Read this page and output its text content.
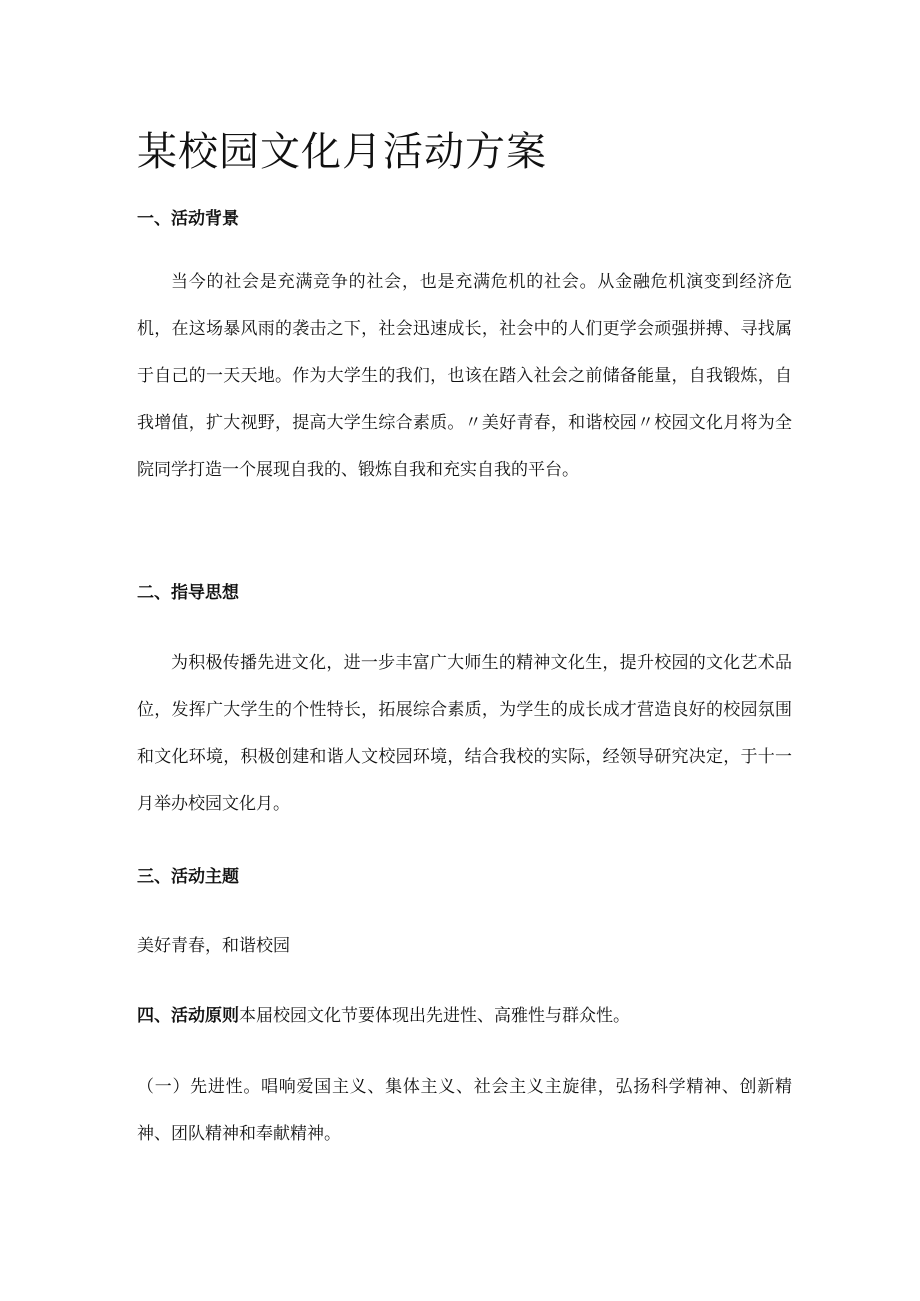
某校园文化月活动方案
一、活动背景

当今的社会是充满竞争的社会，也是充满危机的社会。从金融危机演变到经济危机，在这场暴风雨的袭击之下，社会迅速成长，社会中的人们更学会顽强拼搏、寻找属于自己的一天天地。作为大学生的我们，也该在踏入社会之前储备能量，自我锻炼，自我增值，扩大视野，提高大学生综合素质。〃美好青春，和谐校园〃校园文化月将为全院同学打造一个展现自我的、锻炼自我和充实自我的平台。

二、指导思想

为积极传播先进文化，进一步丰富广大师生的精神文化生，提升校园的文化艺术品位，发挥广大学生的个性特长，拓展综合素质，为学生的成长成才营造良好的校园氛围和文化环境，积极创建和谐人文校园环境，结合我校的实际，经领导研究决定，于十一月举办校园文化月。

三、活动主题

美好青春，和谐校园

四、活动原则本届校园文化节要体现出先进性、高雅性与群众性。

（一）先进性。唱响爱国主义、集体主义、社会主义主旋律，弘扬科学精神、创新精神、团队精神和奉献精神。
